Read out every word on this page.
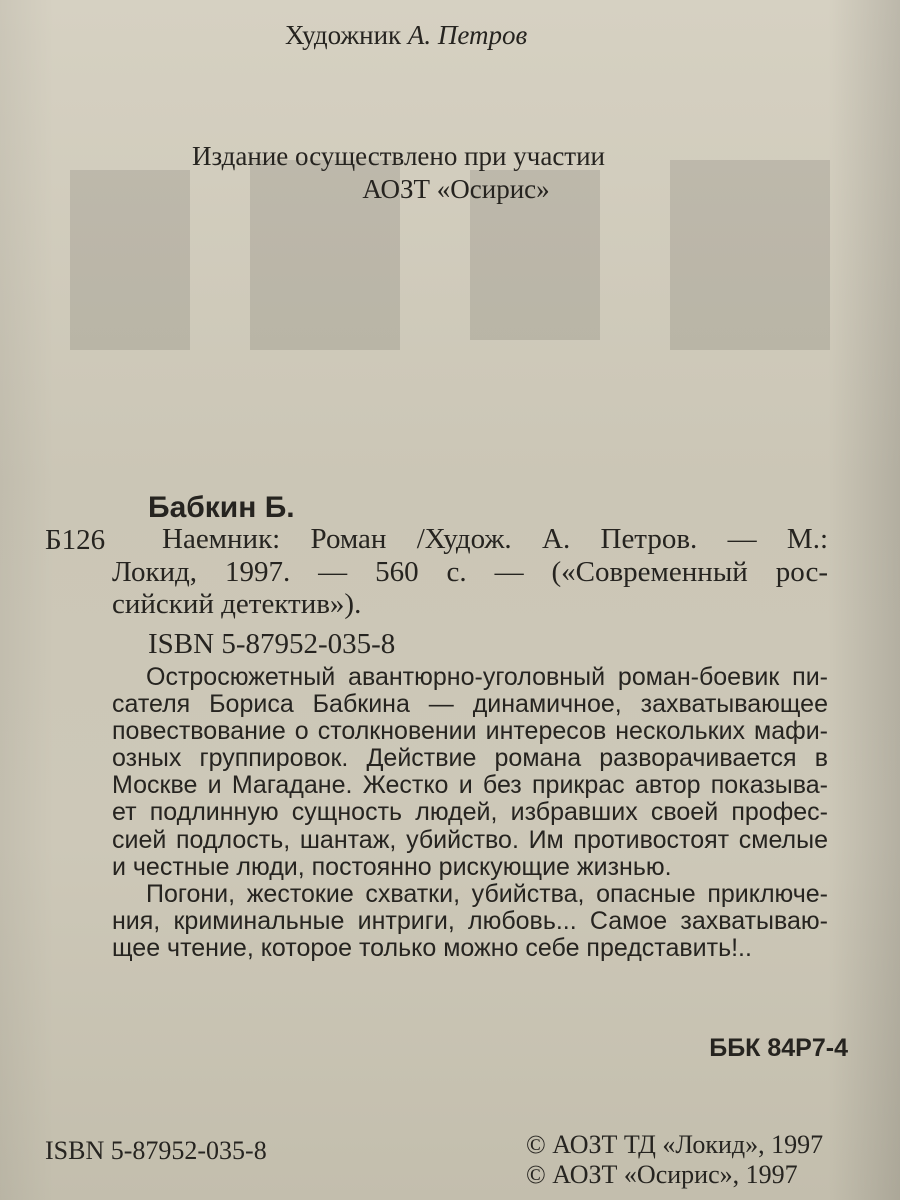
Художник А. Петров
Издание осуществлено при участии
АОЗТ «Осирис»
Бабкин Б.
Б126	Наемник: Роман /Худож. А. Петров. — М.:
Локид, 1997. — 560 с. — («Современный рос-
сийский детектив»).
ISBN 5-87952-035-8
Остросюжетный авантюрно-уголовный роман-боевик пи-
сателя Бориса Бабкина — динамичное, захватывающее
повествование о столкновении интересов нескольких мафи-
озных группировок. Действие романа разворачивается в
Москве и Магадане. Жестко и без прикрас автор показыва-
ет подлинную сущность людей, избравших своей профес-
сией подлость, шантаж, убийство. Им противостоят смелые
и честные люди, постоянно рискующие жизнью.
Погони, жестокие схватки, убийства, опасные приключе-
ния, криминальные интриги, любовь... Самое захватываю-
щее чтение, которое только можно себе представить!..
ББК 84Р7-4
ISBN 5-87952-035-8	© АОЗТ ТД «Локид», 1997
© АОЗТ «Осирис», 1997
